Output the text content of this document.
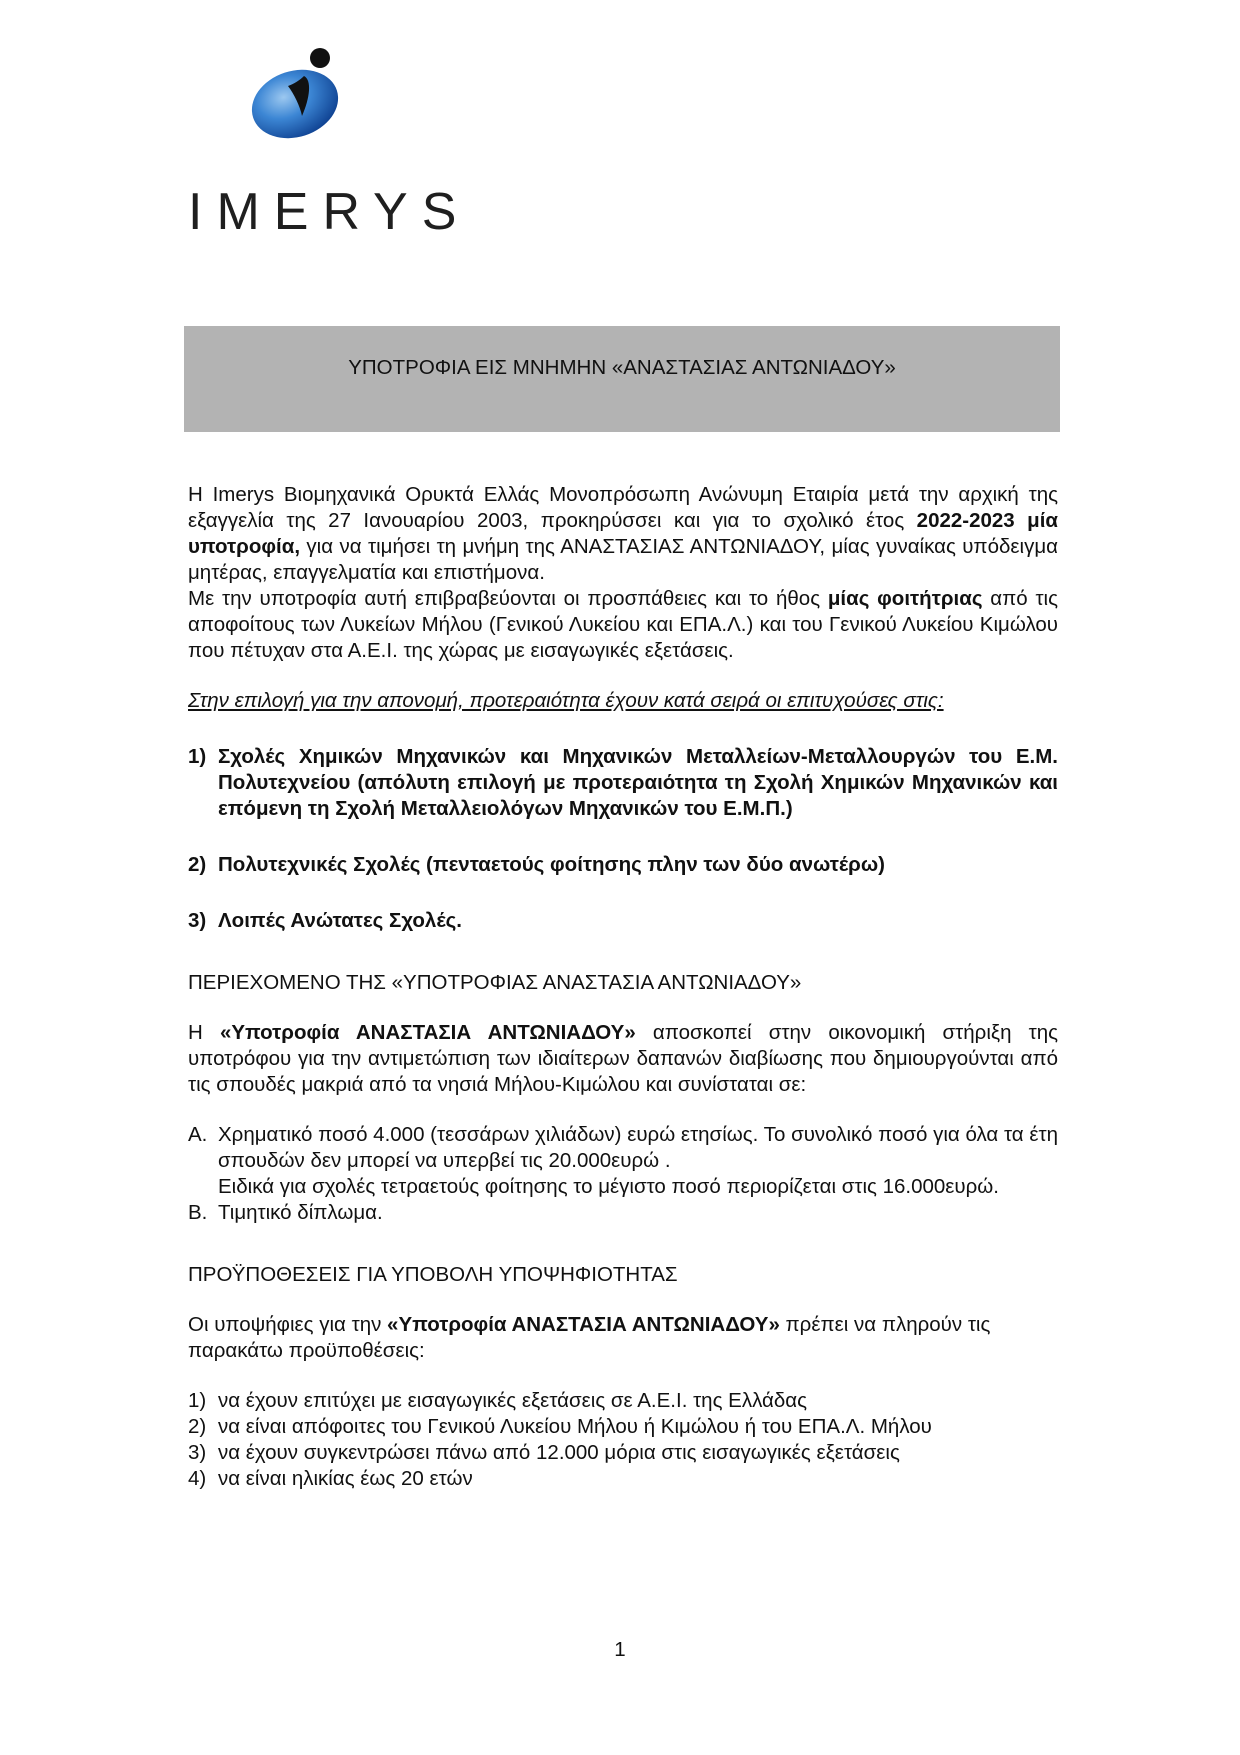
IMERYS
ΥΠΟΤΡΟΦΙΑ ΕΙΣ ΜΝΗΜΗΝ «ΑΝΑΣΤΑΣΙΑΣ ΑΝΤΩΝΙΑΔΟΥ»

Η Imerys Βιομηχανικά Ορυκτά Ελλάς Μονοπρόσωπη Ανώνυμη Εταιρία μετά την αρχική της εξαγγελία της 27 Ιανουαρίου 2003, προκηρύσσει και για το σχολικό έτος 2022-2023 μία υποτροφία, για να τιμήσει τη μνήμη της ΑΝΑΣΤΑΣΙΑΣ ΑΝΤΩΝΙΑΔΟΥ, μίας γυναίκας υπόδειγμα μητέρας, επαγγελματία και επιστήμονα.

Με την υποτροφία αυτή επιβραβεύονται οι προσπάθειες και το ήθος μίας φοιτήτριας από τις αποφοίτους των Λυκείων Μήλου (Γενικού Λυκείου και ΕΠΑ.Λ.) και του Γενικού Λυκείου Κιμώλου που πέτυχαν στα Α.Ε.Ι. της χώρας με εισαγωγικές εξετάσεις.

Στην επιλογή για την απονομή, προτεραιότητα έχουν κατά σειρά οι επιτυχούσες στις:

1) Σχολές Χημικών Μηχανικών και Μηχανικών Μεταλλείων-Μεταλλουργών του Ε.Μ. Πολυτεχνείου (απόλυτη επιλογή με προτεραιότητα τη Σχολή Χημικών Μηχανικών και επόμενη τη Σχολή Μεταλλειολόγων Μηχανικών του Ε.Μ.Π.)
2) Πολυτεχνικές Σχολές (πενταετούς φοίτησης πλην των δύο ανωτέρω)
3) Λοιπές Ανώτατες Σχολές.

ΠΕΡΙΕΧΟΜΕΝΟ ΤΗΣ «ΥΠΟΤΡΟΦΙΑΣ ΑΝΑΣΤΑΣΙΑ ΑΝΤΩΝΙΑΔΟΥ»

Η «Υποτροφία ΑΝΑΣΤΑΣΙΑ ΑΝΤΩΝΙΑΔΟΥ» αποσκοπεί στην οικονομική στήριξη της υποτρόφου για την αντιμετώπιση των ιδιαίτερων δαπανών διαβίωσης που δημιουργούνται από τις σπουδές μακριά από τα νησιά Μήλου-Κιμώλου και συνίσταται σε:

Α. Χρηματικό ποσό 4.000 (τεσσάρων χιλιάδων) ευρώ ετησίως. Το συνολικό ποσό για όλα τα έτη σπουδών δεν μπορεί να υπερβεί τις 20.000ευρώ .
Ειδικά για σχολές τετραετούς φοίτησης το μέγιστο ποσό περιορίζεται στις 16.000ευρώ.
Β. Τιμητικό δίπλωμα.

ΠΡΟΫΠΟΘΕΣΕΙΣ ΓΙΑ ΥΠΟΒΟΛΗ ΥΠΟΨΗΦΙΟΤΗΤΑΣ

Οι υποψήφιες για την «Υποτροφία ΑΝΑΣΤΑΣΙΑ ΑΝΤΩΝΙΑΔΟΥ» πρέπει να πληρούν τις παρακάτω προϋποθέσεις:

1) να έχουν επιτύχει με εισαγωγικές εξετάσεις σε Α.Ε.Ι. της Ελλάδας
2) να είναι απόφοιτες του Γενικού Λυκείου Μήλου ή Κιμώλου ή του ΕΠΑ.Λ. Μήλου
3) να έχουν συγκεντρώσει πάνω από 12.000 μόρια στις εισαγωγικές εξετάσεις
4) να είναι ηλικίας έως 20 ετών
1
